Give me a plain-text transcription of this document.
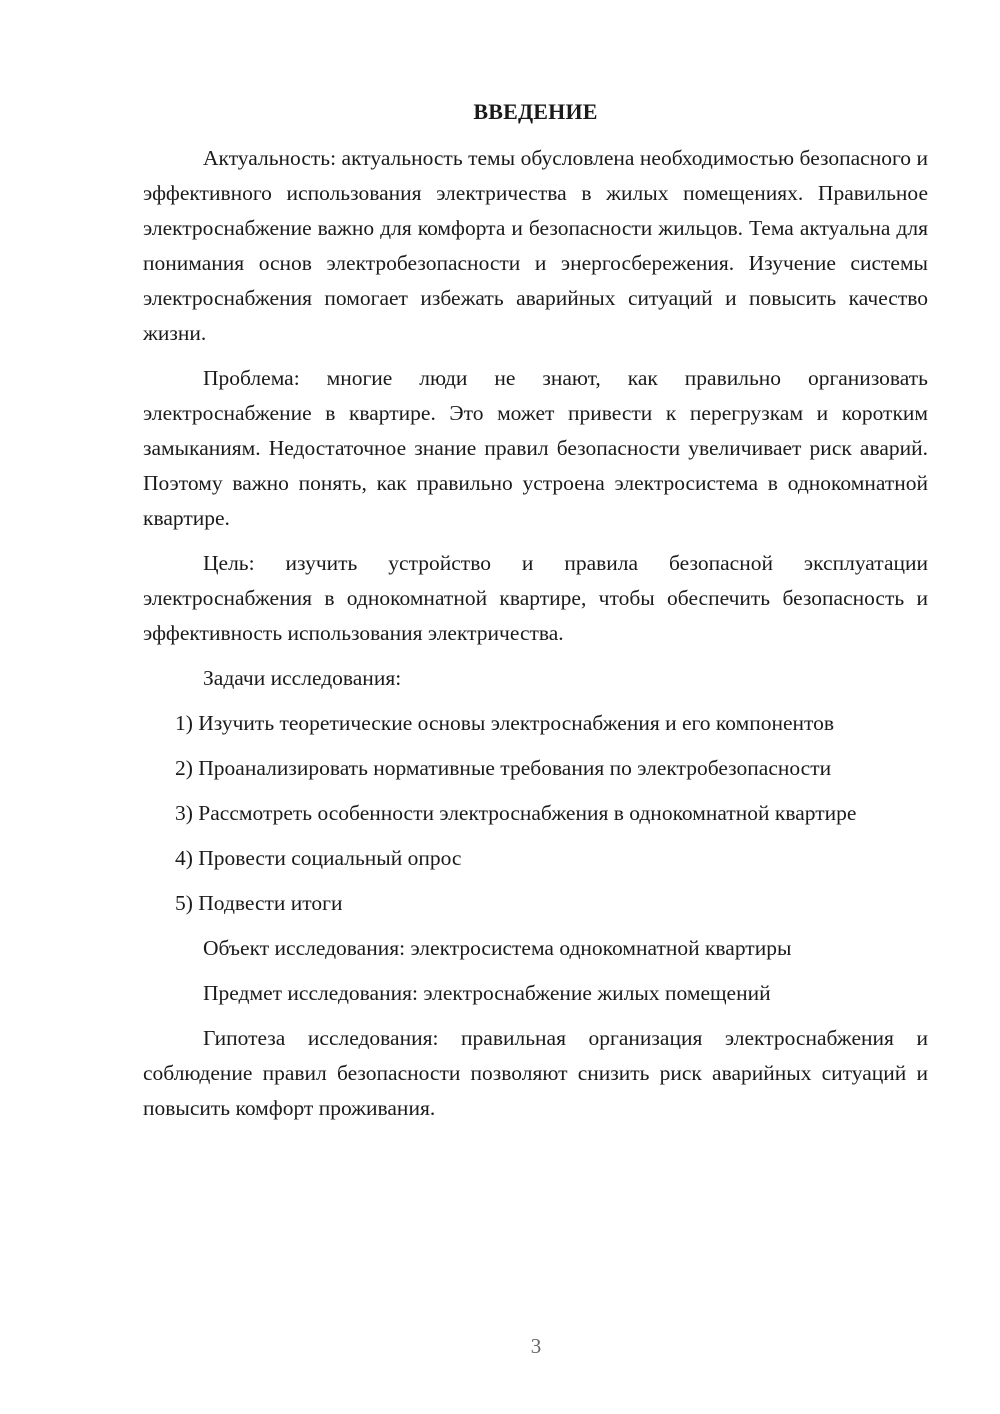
ВВЕДЕНИЕ
Актуальность: актуальность темы обусловлена необходимостью безопасного и эффективного использования электричества в жилых помещениях. Правильное электроснабжение важно для комфорта и безопасности жильцов. Тема актуальна для понимания основ электробезопасности и энергосбережения. Изучение системы электроснабжения помогает избежать аварийных ситуаций и повысить качество жизни.
Проблема: многие люди не знают, как правильно организовать электроснабжение в квартире. Это может привести к перегрузкам и коротким замыканиям. Недостаточное знание правил безопасности увеличивает риск аварий. Поэтому важно понять, как правильно устроена электросистема в однокомнатной квартире.
Цель: изучить устройство и правила безопасной эксплуатации электроснабжения в однокомнатной квартире, чтобы обеспечить безопасность и эффективность использования электричества.
Задачи исследования:
1) Изучить теоретические основы электроснабжения и его компонентов
2) Проанализировать нормативные требования по электробезопасности
3) Рассмотреть особенности электроснабжения в однокомнатной квартире
4) Провести социальный опрос
5) Подвести итоги
Объект исследования: электросистема однокомнатной квартиры
Предмет исследования: электроснабжение жилых помещений
Гипотеза исследования: правильная организация электроснабжения и соблюдение правил безопасности позволяют снизить риск аварийных ситуаций и повысить комфорт проживания.
3
